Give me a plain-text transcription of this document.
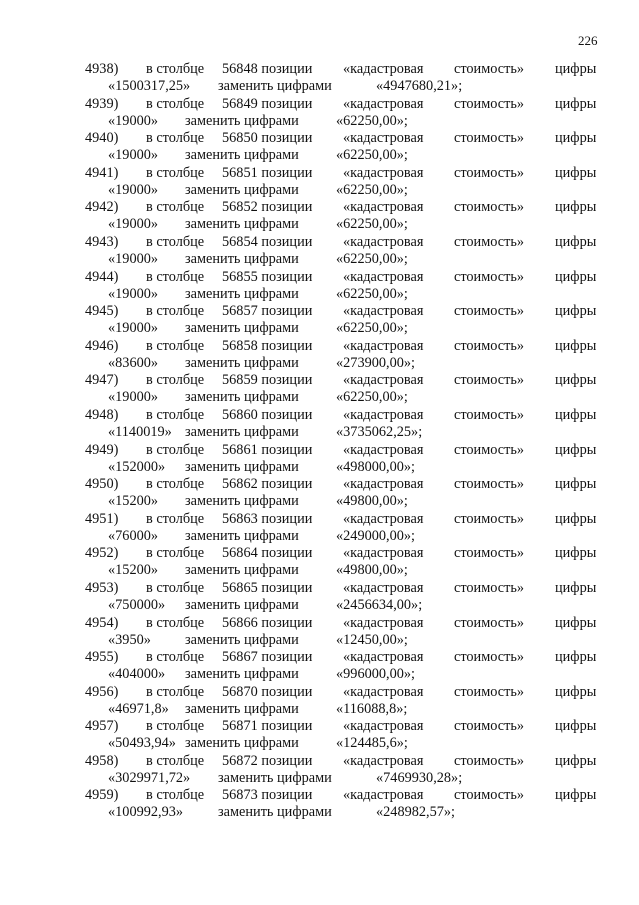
226
4938) в столбце 56848 позиции «кадастровая стоимость» цифры
«1500317,25» заменить цифрами	«4947680,21»;
4939) в столбце 56849 позиции «кадастровая стоимость» цифры
«19000» заменить цифрами	«62250,00»;
4940) в столбце 56850 позиции «кадастровая стоимость» цифры
«19000» заменить цифрами	«62250,00»;
4941) в столбце 56851 позиции «кадастровая стоимость» цифры
«19000» заменить цифрами	«62250,00»;
4942) в столбце 56852 позиции «кадастровая стоимость» цифры
«19000» заменить цифрами	«62250,00»;
4943) в столбце 56854 позиции «кадастровая стоимость» цифры
«19000» заменить цифрами	«62250,00»;
4944) в столбце 56855 позиции «кадастровая стоимость» цифры
«19000» заменить цифрами	«62250,00»;
4945) в столбце 56857 позиции «кадастровая стоимость» цифры
«19000» заменить цифрами	«62250,00»;
4946) в столбце 56858 позиции «кадастровая стоимость» цифры
«83600» заменить цифрами	«273900,00»;
4947) в столбце 56859 позиции «кадастровая стоимость» цифры
«19000» заменить цифрами	«62250,00»;
4948) в столбце 56860 позиции «кадастровая стоимость» цифры
«1140019» заменить цифрами	«3735062,25»;
4949) в столбце 56861 позиции «кадастровая стоимость» цифры
«152000» заменить цифрами	«498000,00»;
4950) в столбце 56862 позиции «кадастровая стоимость» цифры
«15200» заменить цифрами	«49800,00»;
4951) в столбце 56863 позиции «кадастровая стоимость» цифры
«76000» заменить цифрами	«249000,00»;
4952) в столбце 56864 позиции «кадастровая стоимость» цифры
«15200» заменить цифрами	«49800,00»;
4953) в столбце 56865 позиции «кадастровая стоимость» цифры
«750000» заменить цифрами	«2456634,00»;
4954) в столбце 56866 позиции «кадастровая стоимость» цифры
«3950» заменить цифрами	«12450,00»;
4955) в столбце 56867 позиции «кадастровая стоимость» цифры
«404000» заменить цифрами	«996000,00»;
4956) в столбце 56870 позиции «кадастровая стоимость» цифры
«46971,8» заменить цифрами	«116088,8»;
4957) в столбце 56871 позиции «кадастровая стоимость» цифры
«50493,94» заменить цифрами	«124485,6»;
4958) в столбце 56872 позиции «кадастровая стоимость» цифры
«3029971,72» заменить цифрами	«7469930,28»;
4959) в столбце 56873 позиции «кадастровая стоимость» цифры
«100992,93» заменить цифрами	«248982,57»;
